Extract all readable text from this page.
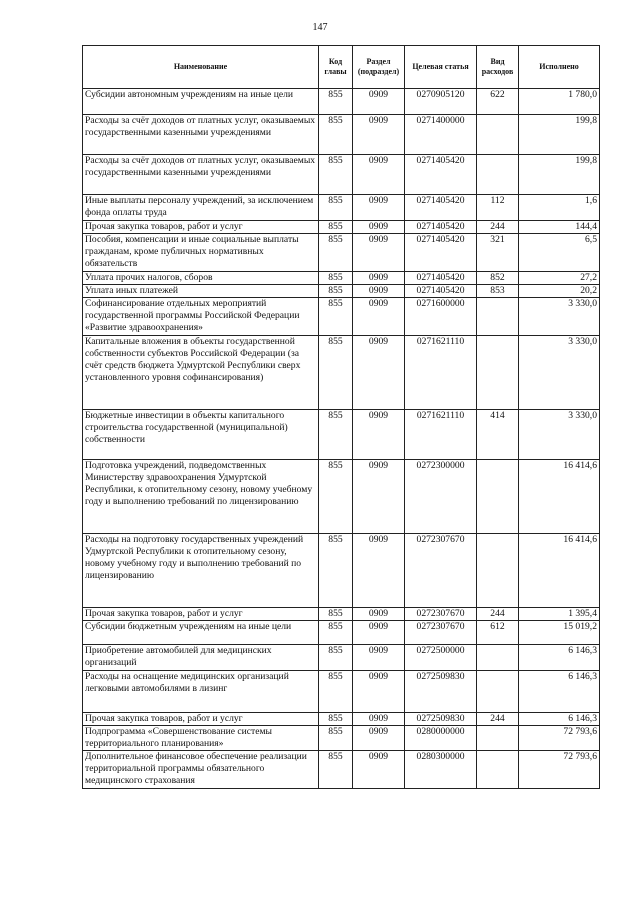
147
Наименование	Код главы	Раздел (подраздел)	Целевая статья	Вид расходов	Исполнено
Субсидии автономным учреждениям на иные цели	855	0909	0270905120	622	1 780,0
Расходы за счёт доходов от платных услуг, оказываемых государственными казенными учреждениями	855	0909	0271400000		199,8
Расходы за счёт доходов от платных услуг, оказываемых государственными казенными учреждениями	855	0909	0271405420		199,8
Иные выплаты персоналу учреждений, за исключением фонда оплаты труда	855	0909	0271405420	112	1,6
Прочая закупка товаров, работ и услуг	855	0909	0271405420	244	144,4
Пособия, компенсации и иные социальные выплаты гражданам, кроме публичных нормативных обязательств	855	0909	0271405420	321	6,5
Уплата прочих налогов, сборов	855	0909	0271405420	852	27,2
Уплата иных платежей	855	0909	0271405420	853	20,2
Софинансирование отдельных мероприятий государственной программы Российской Федерации «Развитие здравоохранения»	855	0909	0271600000		3 330,0
Капитальные вложения в объекты государственной собственности субъектов Российской Федерации (за счёт средств бюджета Удмуртской Республики сверх установленного уровня софинансирования)	855	0909	0271621110		3 330,0
Бюджетные инвестиции в объекты капитального строительства государственной (муниципальной) собственности	855	0909	0271621110	414	3 330,0
Подготовка учреждений, подведомственных Министерству здравоохранения Удмуртской Республики, к отопительному сезону, новому учебному году и выполнению требований по лицензированию	855	0909	0272300000		16 414,6
Расходы на подготовку государственных учреждений Удмуртской Республики к отопительному сезону, новому учебному году и выполнению требований по лицензированию	855	0909	0272307670		16 414,6
Прочая закупка товаров, работ и услуг	855	0909	0272307670	244	1 395,4
Субсидии бюджетным учреждениям на иные цели	855	0909	0272307670	612	15 019,2
Приобретение автомобилей для медицинских организаций	855	0909	0272500000		6 146,3
Расходы на оснащение медицинских организаций легковыми автомобилями в лизинг	855	0909	0272509830		6 146,3
Прочая закупка товаров, работ и услуг	855	0909	0272509830	244	6 146,3
Подпрограмма «Совершенствование системы территориального планирования»	855	0909	0280000000		72 793,6
Дополнительное финансовое обеспечение реализации территориальной программы обязательного медицинского страхования	855	0909	0280300000		72 793,6
